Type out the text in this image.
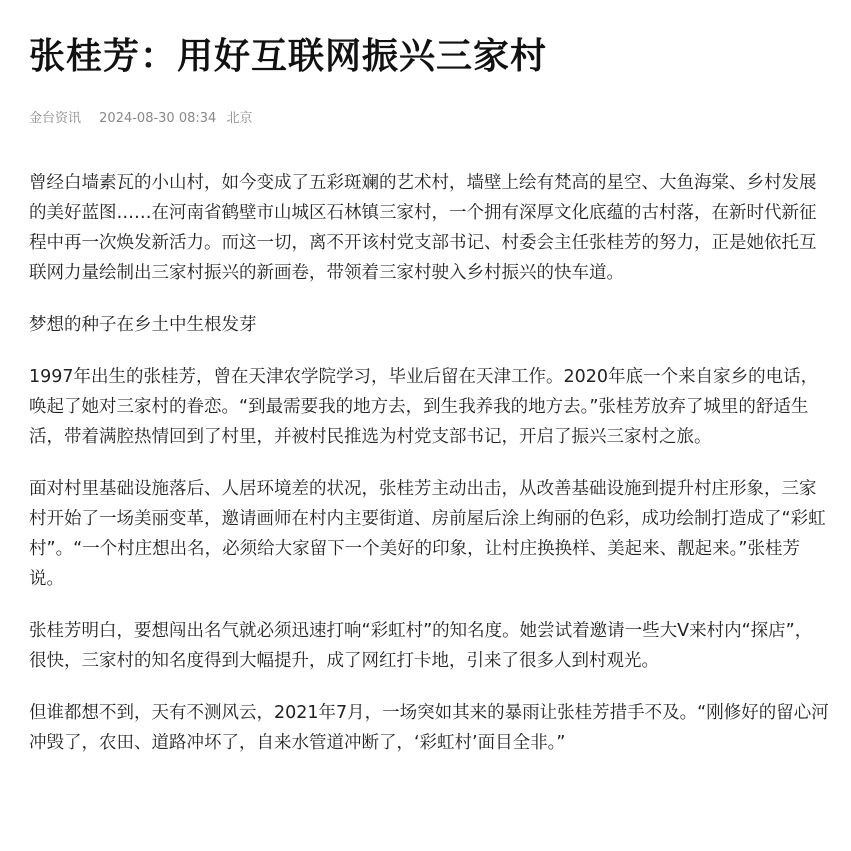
张桂芳：用好互联网振兴三家村
金台资讯 2024-08-30 08:34 北京

曾经白墙素瓦的小山村，如今变成了五彩斑斓的艺术村，墙壁上绘有梵高的星空、大鱼海棠、乡村发展的美好蓝图……在河南省鹤壁市山城区石林镇三家村，一个拥有深厚文化底蕴的古村落，在新时代新征程中再一次焕发新活力。而这一切，离不开该村党支部书记、村委会主任张桂芳的努力，正是她依托互联网力量绘制出三家村振兴的新画卷，带领着三家村驶入乡村振兴的快车道。

梦想的种子在乡土中生根发芽

1997年出生的张桂芳，曾在天津农学院学习，毕业后留在天津工作。2020年底一个来自家乡的电话，唤起了她对三家村的眷恋。“到最需要我的地方去，到生我养我的地方去。”张桂芳放弃了城里的舒适生活，带着满腔热情回到了村里，并被村民推选为村党支部书记，开启了振兴三家村之旅。

面对村里基础设施落后、人居环境差的状况，张桂芳主动出击，从改善基础设施到提升村庄形象，三家村开始了一场美丽变革，邀请画师在村内主要街道、房前屋后涂上绚丽的色彩，成功绘制打造成了“彩虹村”。“一个村庄想出名，必须给大家留下一个美好的印象，让村庄换换样、美起来、靓起来。”张桂芳说。

张桂芳明白，要想闯出名气就必须迅速打响“彩虹村”的知名度。她尝试着邀请一些大V来村内“探店”，很快，三家村的知名度得到大幅提升，成了网红打卡地，引来了很多人到村观光。

但谁都想不到，天有不测风云，2021年7月，一场突如其来的暴雨让张桂芳措手不及。“刚修好的留心河冲毁了，农田、道路冲坏了，自来水管道冲断了，‘彩虹村’面目全非。”
